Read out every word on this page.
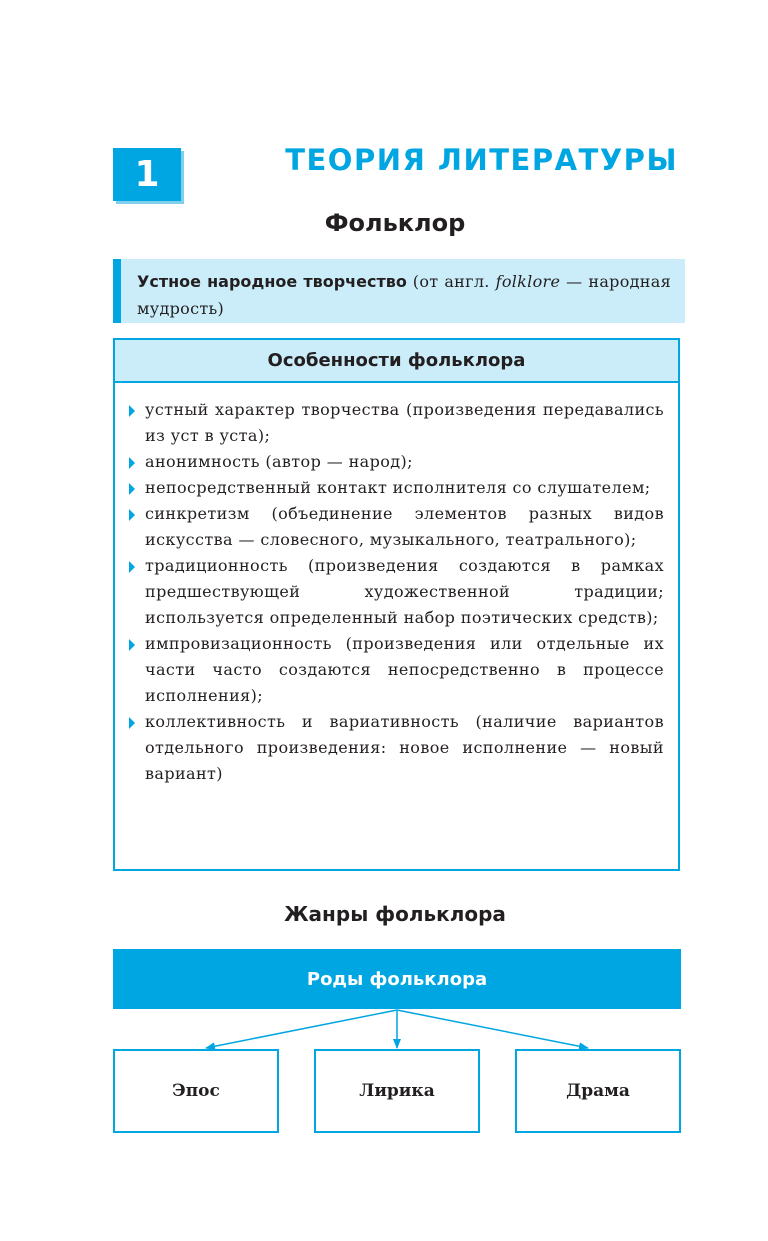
1	ТЕОРИЯ ЛИТЕРАТУРЫ
Фольклор
Устное народное творчество (от англ. folklore — народная мудрость)
Особенности фольклора
устный характер творчества (произведения передавались из уст в уста);
анонимность (автор — народ);
непосредственный контакт исполнителя со слушателем;
синкретизм (объединение элементов разных видов искусства — словесного, музыкального, театрального);
традиционность (произведения создаются в рамках предшествующей художественной традиции; используется определенный набор поэтических средств);
импровизационность (произведения или отдельные их части часто создаются непосредственно в процессе исполнения);
коллективность и вариативность (наличие вариантов отдельного произведения: новое исполнение — новый вариант)
Жанры фольклора
Роды фольклора
Эпос	Лирика	Драма
